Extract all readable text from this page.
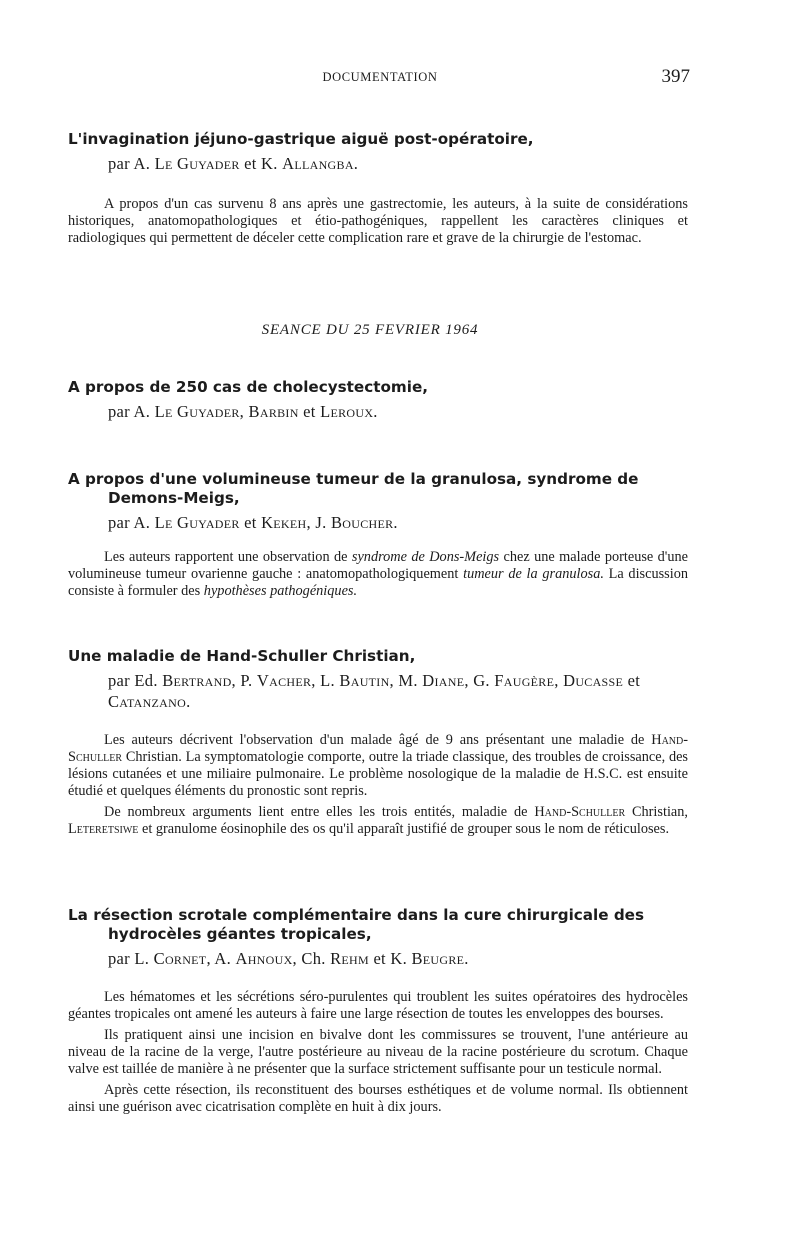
DOCUMENTATION	397
L'invagination jéjuno-gastrique aiguë post-opératoire,
par A. Le Guyader et K. Allangba.

A propos d'un cas survenu 8 ans après une gastrectomie, les auteurs, à la suite de considérations historiques, anatomopathologiques et étio-pathogéniques, rappellent les caractères cliniques et radiologiques qui permettent de déceler cette complication rare et grave de la chirurgie de l'estomac.

SEANCE DU 25 FEVRIER 1964
A propos de 250 cas de cholecystectomie,
par A. Le Guyader, Barbin et Leroux.
A propos d'une volumineuse tumeur de la granulosa, syndrome de
Demons-Meigs,
par A. Le Guyader et Kekeh, J. Boucher.

Les auteurs rapportent une observation de syndrome de Dons-Meigs chez une malade porteuse d'une volumineuse tumeur ovarienne gauche : anatomopathologiquement tumeur de la granulosa. La discussion consiste à formuler des hypothèses pathogéniques.

Une maladie de Hand-Schuller Christian,
par Ed. Bertrand, P. Vacher, L. Bautin, M. Diane, G. Faugère, Ducasse et Catanzano.

Les auteurs décrivent l'observation d'un malade âgé de 9 ans présentant une maladie de Hand-Schuller Christian. La symptomatologie comporte, outre la triade classique, des troubles de croissance, des lésions cutanées et une miliaire pulmonaire. Le problème nosologique de la maladie de H.S.C. est ensuite étudié et quelques éléments du pronostic sont repris.

De nombreux arguments lient entre elles les trois entités, maladie de Hand-Schuller Christian, Leteretsiwe et granulome éosinophile des os qu'il apparaît justifié de grouper sous le nom de réticuloses.

La résection scrotale complémentaire dans la cure chirurgicale des
hydrocèles géantes tropicales,
par L. Cornet, A. Ahnoux, Ch. Rehm et K. Beugre.

Les hématomes et les sécrétions séro-purulentes qui troublent les suites opératoires des hydrocèles géantes tropicales ont amené les auteurs à faire une large résection de toutes les enveloppes des bourses.

Ils pratiquent ainsi une incision en bivalve dont les commissures se trouvent, l'une antérieure au niveau de la racine de la verge, l'autre postérieure au niveau de la racine postérieure du scrotum. Chaque valve est taillée de manière à ne présenter que la surface strictement suffisante pour un testicule normal.

Après cette résection, ils reconstituent des bourses esthétiques et de volume normal. Ils obtiennent ainsi une guérison avec cicatrisation complète en huit à dix jours.
